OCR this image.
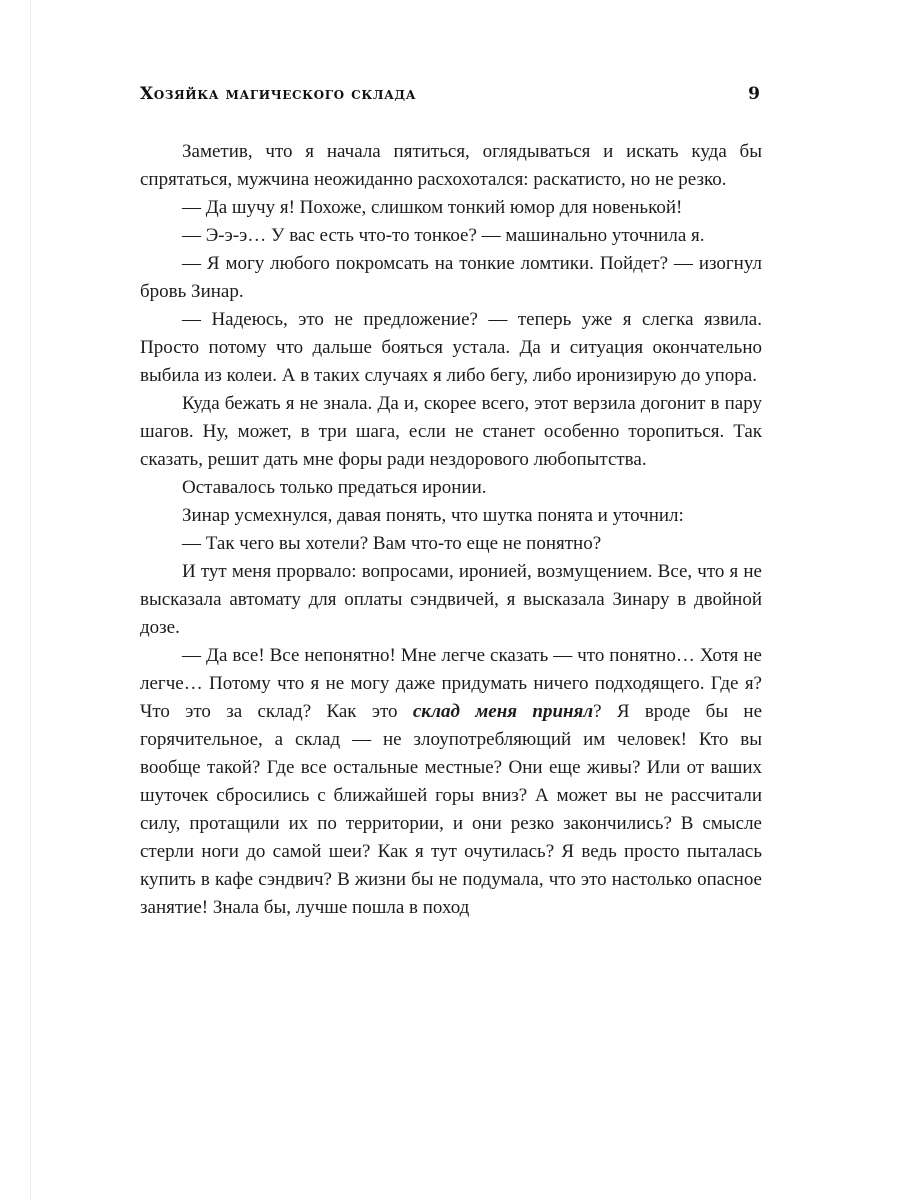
Хозяйка магического склада	9

Заметив, что я начала пятиться, оглядываться и искать куда бы спрятаться, мужчина неожиданно расхохотался: раскатисто, но не резко.

— Да шучу я! Похоже, слишком тонкий юмор для новенькой!

— Э-э-э… У вас есть что-то тонкое? — машинально уточнила я.

— Я могу любого покромсать на тонкие ломтики. Пойдет? — изогнул бровь Зинар.

— Надеюсь, это не предложение? — теперь уже я слегка язвила. Просто потому что дальше бояться устала. Да и ситуация окончательно выбила из колеи. А в таких случаях я либо бегу, либо иронизирую до упора.

Куда бежать я не знала. Да и, скорее всего, этот верзила догонит в пару шагов. Ну, может, в три шага, если не станет особенно торопиться. Так сказать, решит дать мне форы ради нездорового любопытства.

Оставалось только предаться иронии.

Зинар усмехнулся, давая понять, что шутка понята и уточнил:

— Так чего вы хотели? Вам что-то еще не понятно?

И тут меня прорвало: вопросами, иронией, возмущением. Все, что я не высказала автомату для оплаты сэндвичей, я высказала Зинару в двойной дозе.

— Да все! Все непонятно! Мне легче сказать — что понятно… Хотя не легче… Потому что я не могу даже придумать ничего подходящего. Где я? Что это за склад? Как это склад меня принял? Я вроде бы не горячительное, а склад — не злоупотребляющий им человек! Кто вы вообще такой? Где все остальные местные? Они еще живы? Или от ваших шуточек сбросились с ближайшей горы вниз? А может вы не рассчитали силу, протащили их по территории, и они резко закончились? В смысле стерли ноги до самой шеи? Как я тут очутилась? Я ведь просто пыталась купить в кафе сэндвич? В жизни бы не подумала, что это настолько опасное занятие! Знала бы, лучше пошла в поход
